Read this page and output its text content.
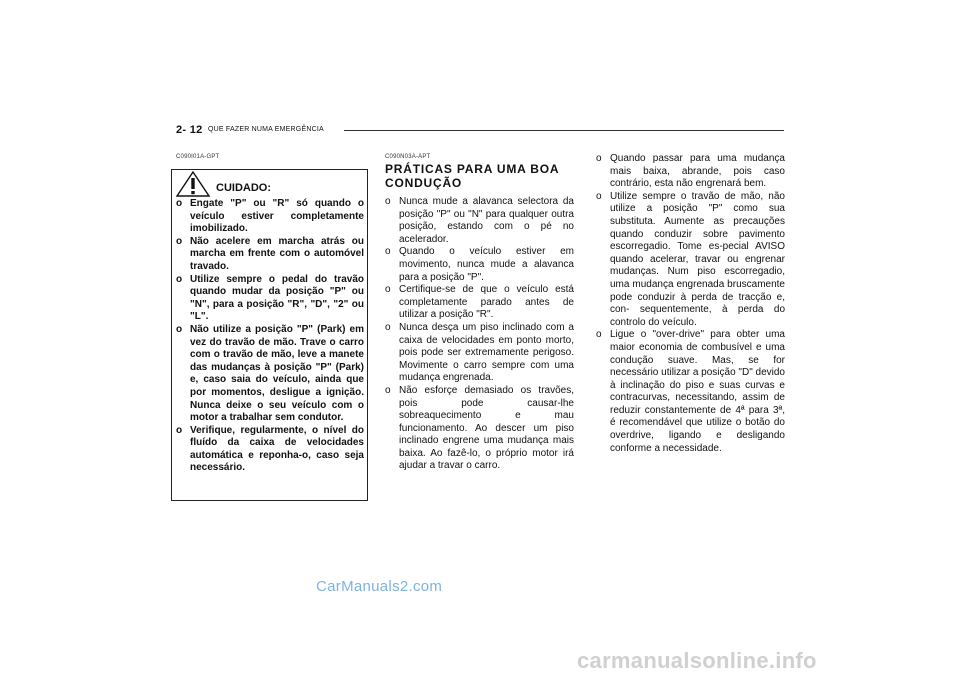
2- 12 QUE FAZER NUMA EMERGÊNCIA
C090I01A-GPT
CUIDADO:
o Engate "P" ou "R" só quando o veículo estiver completamente imobilizado.
o Não acelere em marcha atrás ou marcha em frente com o automóvel travado.
o Utilize sempre o pedal do travão quando mudar da posição "P" ou "N", para a posição "R", "D", "2" ou "L".
o Não utilize a posição "P" (Park) em vez do travão de mão. Trave o carro com o travão de mão, leve a manete das mudanças à posição "P" (Park) e, caso saia do veículo, ainda que por momentos, desligue a ignição. Nunca deixe o seu veículo com o motor a trabalhar sem condutor.
o Verifique, regularmente, o nível do fluído da caixa de velocidades automática e reponha-o, caso seja necessário.
C090N03A-APT
PRÁTICAS PARA UMA BOA CONDUÇÃO
o Nunca mude a alavanca selectora da posição "P" ou "N" para qualquer outra posição, estando com o pé no acelerador.
o Quando o veículo estiver em movimento, nunca mude a alavanca para a posição "P".
o Certifique-se de que o veículo está completamente parado antes de utilizar a posição "R".
o Nunca desça um piso inclinado com a caixa de velocidades em ponto morto, pois pode ser extremamente perigoso. Movimente o carro sempre com uma mudança engrenada.
o Não esforçe demasiado os travões, pois pode causar-lhe sobreaquecimento e mau funcionamento. Ao descer um piso inclinado engrene uma mudança mais baixa. Ao fazê-lo, o próprio motor irá ajudar a travar o carro.
o Quando passar para uma mudança mais baixa, abrande, pois caso contrário, esta não engrenará bem.
o Utilize sempre o travão de mão, não utilize a posição "P" como sua substituta. Aumente as precauções quando conduzir sobre pavimento escorregadio. Tome es-pecial AVISO quando acelerar, travar ou engrenar mudanças. Num piso escorregadio, uma mudança engrenada bruscamente pode conduzir à perda de tracção e, con- sequentemente, à perda do controlo do veículo.
o Ligue o "over-drive" para obter uma maior economia de combusível e uma condução suave. Mas, se for necessário utilizar a posição "D" devido à inclinação do piso e suas curvas e contracurvas, necessitando, assim de reduzir constantemente de 4ª para 3ª, é recomendável que utilize o botão do overdrive, ligando e desligando conforme a necessidade.
CarManuals2.com
carmanualsonline.info
